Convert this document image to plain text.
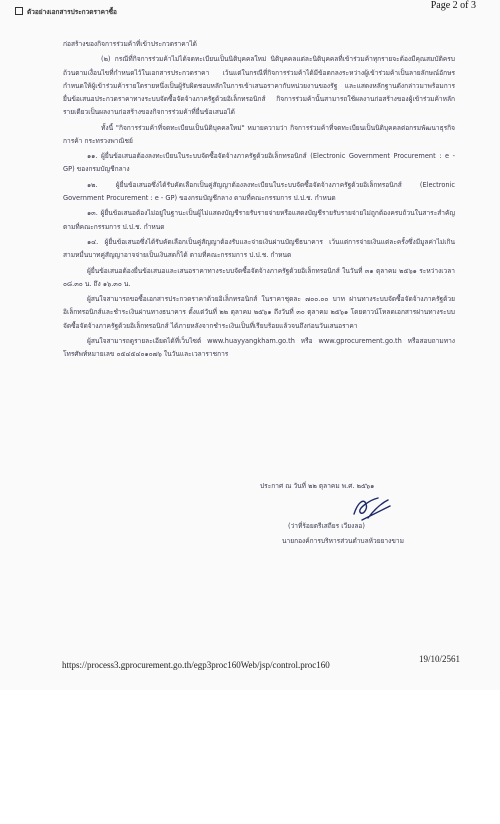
ตัวอย่างเอกสารประกวดราคาซื้อ
Page 2 of 3

ก่อสร้างของกิจการร่วมค้าที่เข้าประกวดราคาได้

(๒) กรณีที่กิจการร่วมค้าไม่ได้จดทะเบียนเป็นนิติบุคคลใหม่ นิติบุคคลแต่ละนิติบุคคลที่เข้าร่วมค้าทุกรายจะต้องมีคุณสมบัติครบถ้วนตามเงื่อนไขที่กำหนดไว้ในเอกสารประกวดราคา เว้นแต่ในกรณีที่กิจการร่วมค้าได้มีข้อตกลงระหว่างผู้เข้าร่วมค้าเป็นลายลักษณ์อักษรกำหนดให้ผู้เข้าร่วมค้ารายใดรายหนึ่งเป็นผู้รับผิดชอบหลักในการเข้าเสนอราคากับหน่วยงานของรัฐ และแสดงหลักฐานดังกล่าวมาพร้อมการยื่นข้อเสนอประกวดราคาทางระบบจัดซื้อจัดจ้างภาครัฐด้วยอิเล็กทรอนิกส์ กิจการร่วมค้านั้นสามารถใช้ผลงานก่อสร้างของผู้เข้าร่วมค้าหลักรายเดียวเป็นผลงานก่อสร้างของกิจการร่วมค้าที่ยื่นข้อเสนอได้

ทั้งนี้ "กิจการร่วมค้าที่จดทะเบียนเป็นนิติบุคคลใหม่" หมายความว่า กิจการร่วมค้าที่จดทะเบียนเป็นนิติบุคคลต่อกรมพัฒนาธุรกิจการค้า กระทรวงพาณิชย์

๑๑. ผู้ยื่นข้อเสนอต้องลงทะเบียนในระบบจัดซื้อจัดจ้างภาครัฐด้วยอิเล็กทรอนิกส์ (Electronic Government Procurement : e - GP) ของกรมบัญชีกลาง

๑๒. ผู้ยื่นข้อเสนอซึ่งได้รับคัดเลือกเป็นคู่สัญญาต้องลงทะเบียนในระบบจัดซื้อจัดจ้างภาครัฐด้วยอิเล็กทรอนิกส์ (Electronic Government Procurement : e - GP) ของกรมบัญชีกลาง ตามที่คณะกรรมการ ป.ป.ช. กำหนด

๑๓. ผู้ยื่นข้อเสนอต้องไม่อยู่ในฐานะเป็นผู้ไม่แสดงบัญชีรายรับรายจ่ายหรือแสดงบัญชีรายรับรายจ่ายไม่ถูกต้องครบถ้วนในสาระสำคัญ ตามที่คณะกรรมการ ป.ป.ช. กำหนด

๑๔. ผู้ยื่นข้อเสนอซึ่งได้รับคัดเลือกเป็นคู่สัญญาต้องรับและจ่ายเงินผ่านบัญชีธนาคาร เว้นแต่การจ่ายเงินแต่ละครั้งซึ่งมีมูลค่าไม่เกินสามหมื่นบาทคู่สัญญาอาจจ่ายเป็นเงินสดก็ได้ ตามที่คณะกรรมการ ป.ป.ช. กำหนด

ผู้ยื่นข้อเสนอต้องยื่นข้อเสนอและเสนอราคาทางระบบจัดซื้อจัดจ้างภาครัฐด้วยอิเล็กทรอนิกส์ ในวันที่ ๓๑ ตุลาคม ๒๕๖๑ ระหว่างเวลา ๐๘.๓๐ น. ถึง ๑๖.๓๐ น.

ผู้สนใจสามารถขอซื้อเอกสารประกวดราคาด้วยอิเล็กทรอนิกส์ ในราคาชุดละ ๗๐๐.๐๐ บาท ผ่านทางระบบจัดซื้อจัดจ้างภาครัฐด้วยอิเล็กทรอนิกส์และชำระเงินผ่านทางธนาคาร ตั้งแต่วันที่ ๒๒ ตุลาคม ๒๕๖๑ ถึงวันที่ ๓๐ ตุลาคม ๒๕๖๑ โดยดาวน์โหลดเอกสารผ่านทางระบบจัดซื้อจัดจ้างภาครัฐด้วยอิเล็กทรอนิกส์ ได้ภายหลังจากชำระเงินเป็นที่เรียบร้อยแล้วจนถึงก่อนวันเสนอราคา

ผู้สนใจสามารถดูรายละเอียดได้ที่เว็บไซต์ www.huayyangkham.go.th หรือ www.gprocurement.go.th หรือสอบถามทางโทรศัพท์หมายเลข ๐๕๔๕๔๐๑๐๗๖ ในวันและเวลาราชการ

ประกาศ ณ วันที่ ๒๒ ตุลาคม พ.ศ. ๒๕๖๑
(ว่าที่ร้อยตรีเสถียร เวียงลอ)
นายกองค์การบริหารส่วนตำบลห้วยยางขาม
19/10/2561
https://process3.gprocurement.go.th/egp3proc160Web/jsp/control.proc160
